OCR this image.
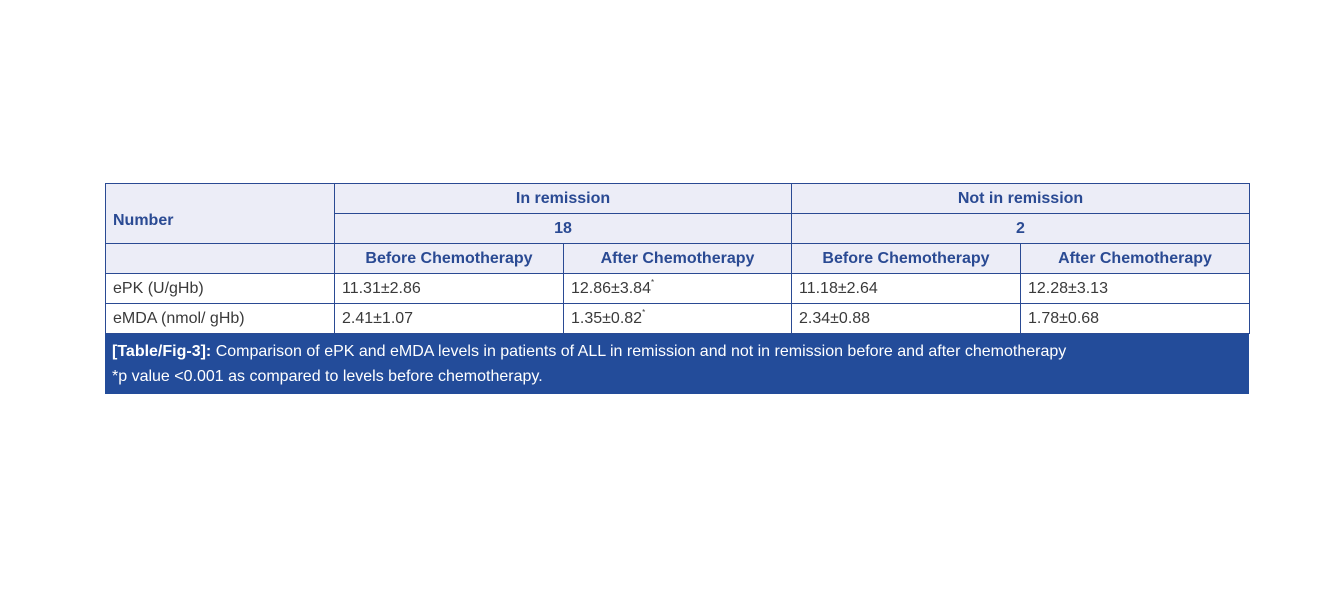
Number	In remission		Not in remission	
	18		2	
	Before Chemotherapy	After Chemotherapy	Before Chemotherapy	After Chemotherapy
ePK (U/gHb)	11.31±2.86	12.86±3.84*	11.18±2.64	12.28±3.13
eMDA (nmol/ gHb)	2.41±1.07	1.35±0.82*	2.34±0.88	1.78±0.68
[Table/Fig-3]: Comparison of ePK and eMDA levels in patients of ALL in remission and not in remission before and after chemotherapy
*p value <0.001 as compared to levels before chemotherapy.
